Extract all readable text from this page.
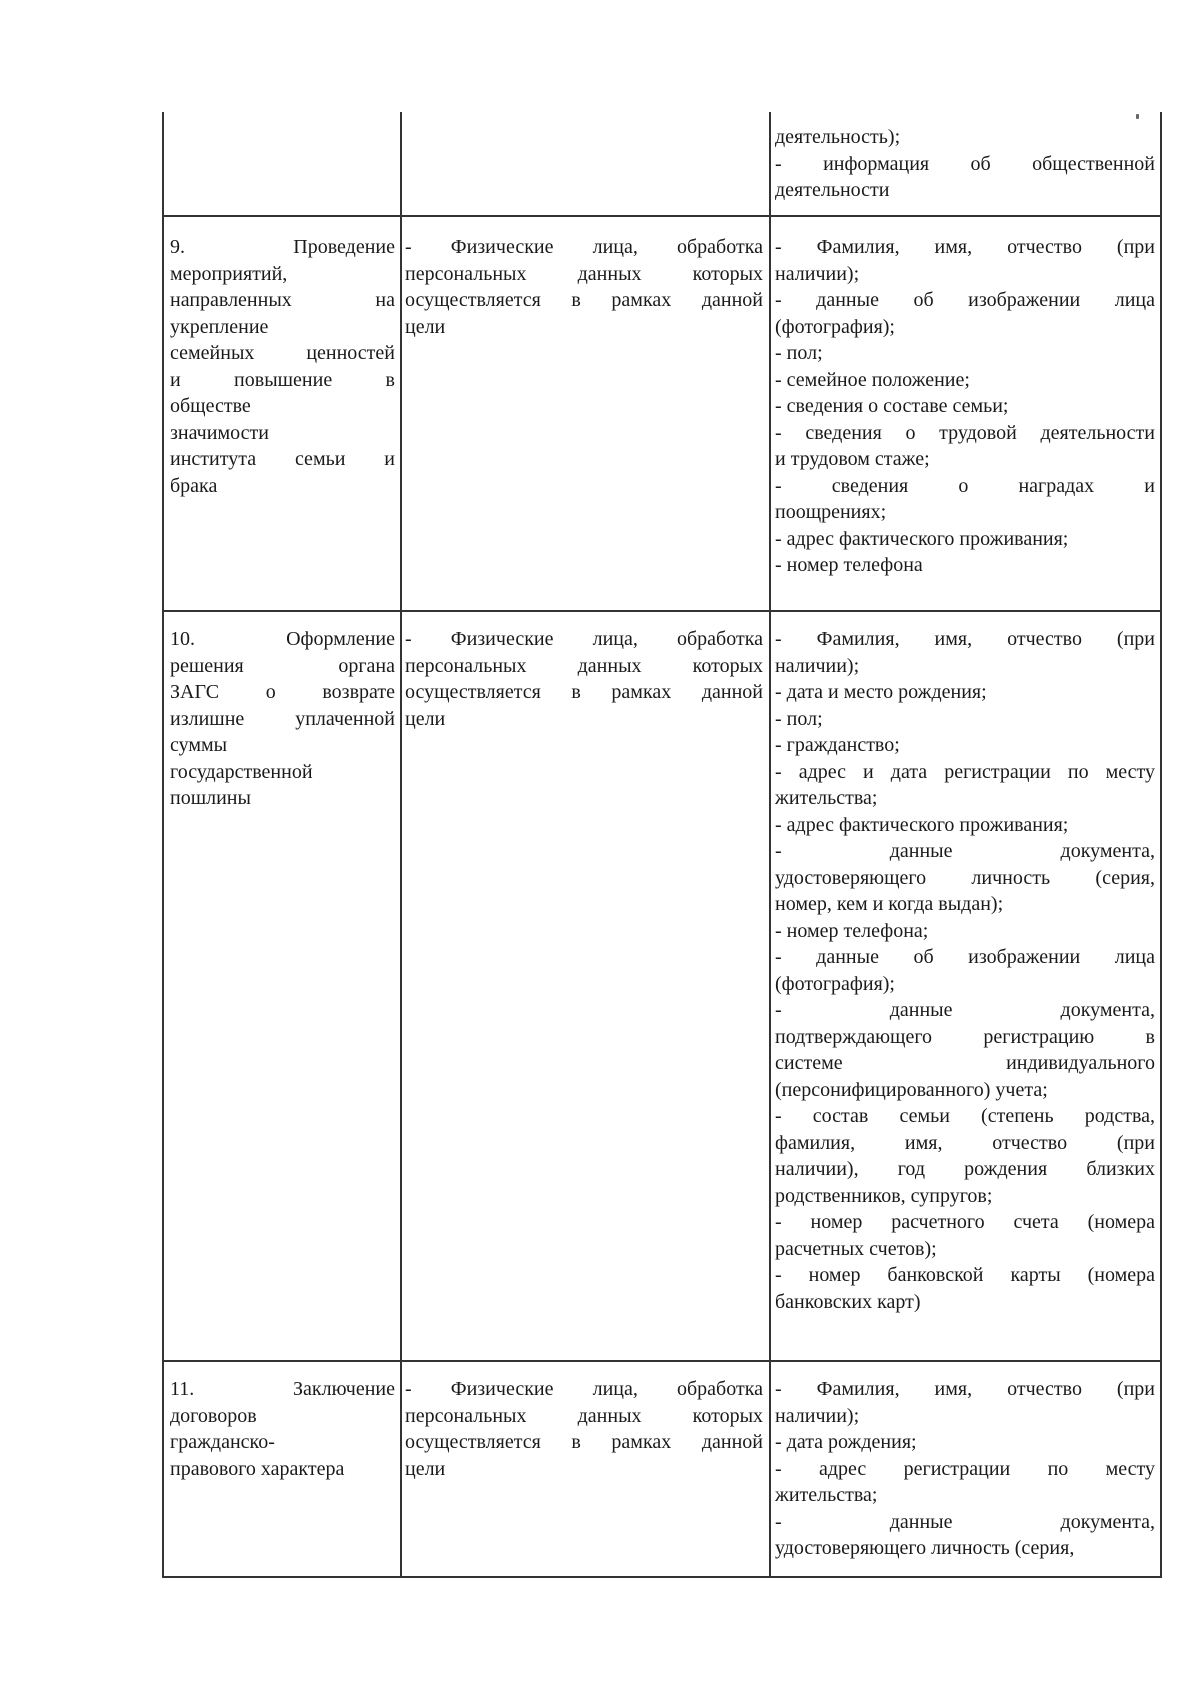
деятельность);
- информация об общественной
деятельности
9. Проведение
мероприятий,
направленных на
укрепление
семейных ценностей
и повышение в
обществе
значимости
института семьи и
брака
- Физические лица, обработка
персональных данных которых
осуществляется в рамках данной
цели
- Фамилия, имя, отчество (при
наличии);
- данные об изображении лица
(фотография);
- пол;
- семейное положение;
- сведения о составе семьи;
- сведения о трудовой деятельности
и трудовом стаже;
- сведения о наградах и
поощрениях;
- адрес фактического проживания;
- номер телефона
10. Оформление
решения органа
ЗАГС о возврате
излишне уплаченной
суммы
государственной
пошлины
- Физические лица, обработка
персональных данных которых
осуществляется в рамках данной
цели
- Фамилия, имя, отчество (при
наличии);
- дата и место рождения;
- пол;
- гражданство;
- адрес и дата регистрации по месту
жительства;
- адрес фактического проживания;
- данные документа,
удостоверяющего личность (серия,
номер, кем и когда выдан);
- номер телефона;
- данные об изображении лица
(фотография);
- данные документа,
подтверждающего регистрацию в
системе индивидуального
(персонифицированного) учета;
- состав семьи (степень родства,
фамилия, имя, отчество (при
наличии), год рождения близких
родственников, супругов;
- номер расчетного счета (номера
расчетных счетов);
- номер банковской карты (номера
банковских карт)
11. Заключение
договоров
гражданско-
правового характера
- Физические лица, обработка
персональных данных которых
осуществляется в рамках данной
цели
- Фамилия, имя, отчество (при
наличии);
- дата рождения;
- адрес регистрации по месту
жительства;
- данные документа,
удостоверяющего личность (серия,
